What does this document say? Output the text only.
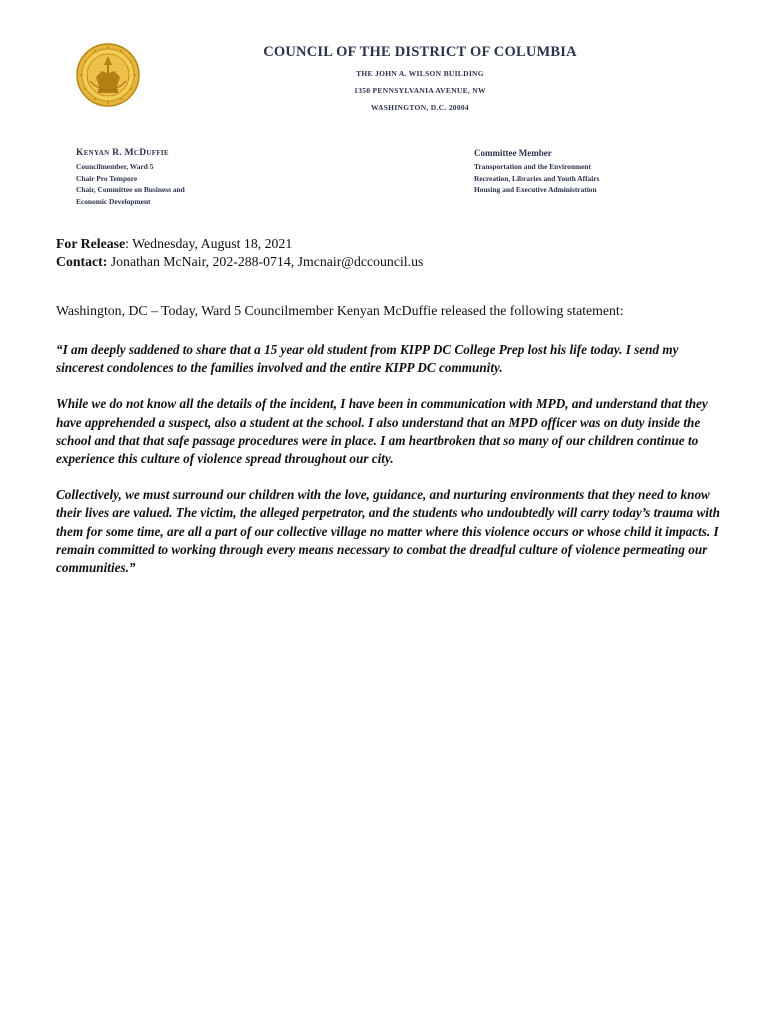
COUNCIL OF THE DISTRICT OF COLUMBIA
THE JOHN A. WILSON BUILDING
1350 PENNSYLVANIA AVENUE, NW
WASHINGTON, D.C. 20004
Kenyan R. McDuffie
Councilmember, Ward 5
Chair Pro Tempore
Chair, Committee on Business and
Economic Development
Committee Member
Transportation and the Environment
Recreation, Libraries and Youth Affairs
Housing and Executive Administration
For Release: Wednesday, August 18, 2021
Contact: Jonathan McNair, 202-288-0714, Jmcnair@dccouncil.us
Washington, DC – Today, Ward 5 Councilmember Kenyan McDuffie released the following statement:

“I am deeply saddened to share that a 15 year old student from KIPP DC College Prep lost his life today. I send my sincerest condolences to the families involved and the entire KIPP DC community.

While we do not know all the details of the incident, I have been in communication with MPD, and understand that they have apprehended a suspect, also a student at the school. I also understand that an MPD officer was on duty inside the school and that that safe passage procedures were in place. I am heartbroken that so many of our children continue to experience this culture of violence spread throughout our city.

Collectively, we must surround our children with the love, guidance, and nurturing environments that they need to know their lives are valued. The victim, the alleged perpetrator, and the students who undoubtedly will carry today’s trauma with them for some time, are all a part of our collective village no matter where this violence occurs or whose child it impacts. I remain committed to working through every means necessary to combat the dreadful culture of violence permeating our communities.”
